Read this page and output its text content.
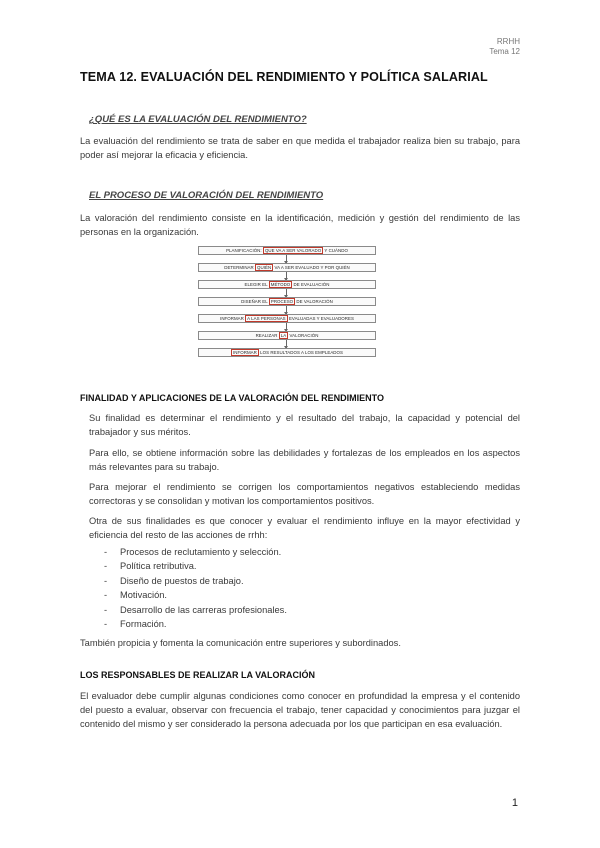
RRHH
Tema 12
TEMA 12. EVALUACIÓN DEL RENDIMIENTO Y POLÍTICA SALARIAL
¿QUÉ ES LA EVALUACIÓN DEL RENDIMIENTO?

La evaluación del rendimiento se trata de saber en que medida el trabajador realiza bien su trabajo, para poder así mejorar la eficacia y eficiencia.

EL PROCESO DE VALORACIÓN DEL RENDIMIENTO

La valoración del rendimiento consiste en la identificación, medición y gestión del rendimiento de las personas en la organización.

PLANIFICACIÓN: QUE VA A SER VALORADO Y CUÁNDO
DETERMINAR QUIÉN VA A SER EVALUADO Y POR QUIÉN
ELEGIR EL MÉTODO DE EVALUACIÓN
DISEÑAR EL PROCESO DE VALORACIÓN
INFORMAR A LAS PERSONAS EVALUADAS Y EVALUADORES
REALIZAR LA VALORACIÓN
INFORMAR LOS RESULTADOS A LOS EMPLEADOS
FINALIDAD Y APLICACIONES DE LA VALORACIÓN DEL RENDIMIENTO

Su finalidad es determinar el rendimiento y el resultado del trabajo, la capacidad y potencial del trabajador y sus méritos.

Para ello, se obtiene información sobre las debilidades y fortalezas de los empleados en los aspectos más relevantes para su trabajo.

Para mejorar el rendimiento se corrigen los comportamientos negativos estableciendo medidas correctoras y se consolidan y motivan los comportamientos positivos.

Otra de sus finalidades es que conocer y evaluar el rendimiento influye en la mayor efectividad y eficiencia del resto de las acciones de rrhh:

- Procesos de reclutamiento y selección.
- Política retributiva.
- Diseño de puestos de trabajo.
- Motivación.
- Desarrollo de las carreras profesionales.
- Formación.

También propicia y fomenta la comunicación entre superiores y subordinados.

LOS RESPONSABLES DE REALIZAR LA VALORACIÓN

El evaluador debe cumplir algunas condiciones como conocer en profundidad la empresa y el contenido del puesto a evaluar, observar con frecuencia el trabajo, tener capacidad y conocimientos para juzgar el contenido del mismo y ser considerado la persona adecuada por los que participan en esa evaluación.

1
